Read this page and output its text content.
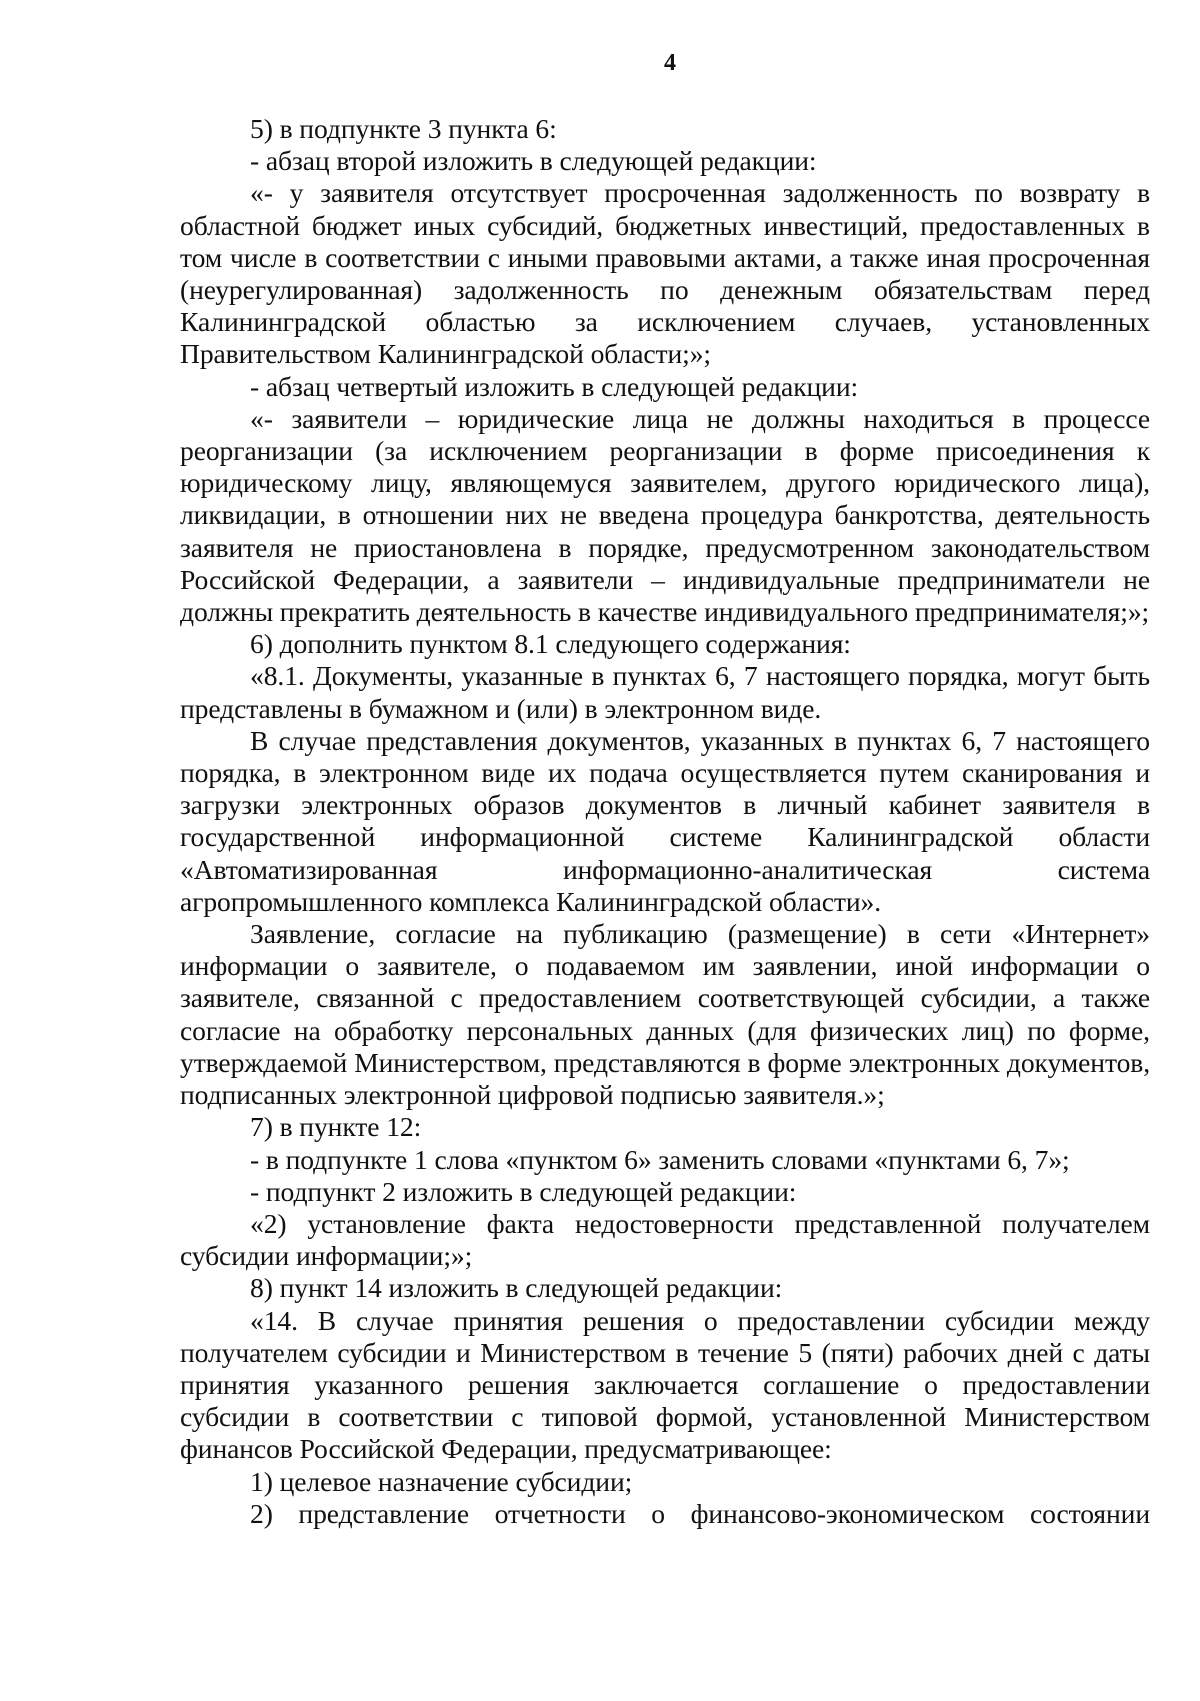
4

5) в подпункте 3 пункта 6:

- абзац второй изложить в следующей редакции:

«- у заявителя отсутствует просроченная задолженность по возврату в областной бюджет иных субсидий, бюджетных инвестиций, предоставленных в том числе в соответствии с иными правовыми актами, а также иная просроченная (неурегулированная) задолженность по денежным обязательствам перед Калининградской областью за исключением случаев, установленных Правительством Калининградской области;»;

- абзац четвертый изложить в следующей редакции:

«- заявители – юридические лица не должны находиться в процессе реорганизации (за исключением реорганизации в форме присоединения к юридическому лицу, являющемуся заявителем, другого юридического лица), ликвидации, в отношении них не введена процедура банкротства, деятельность заявителя не приостановлена в порядке, предусмотренном законодательством Российской Федерации, а заявители – индивидуальные предприниматели не должны прекратить деятельность в качестве индивидуального предпринимателя;»;

6) дополнить пунктом 8.1 следующего содержания:

«8.1. Документы, указанные в пунктах 6, 7 настоящего порядка, могут быть представлены в бумажном и (или) в электронном виде.

В случае представления документов, указанных в пунктах 6, 7 настоящего порядка, в электронном виде их подача осуществляется путем сканирования и загрузки электронных образов документов в личный кабинет заявителя в государственной информационной системе Калининградской области «Автоматизированная информационно-аналитическая система агропромышленного комплекса Калининградской области».

Заявление, согласие на публикацию (размещение) в сети «Интернет» информации о заявителе, о подаваемом им заявлении, иной информации о заявителе, связанной с предоставлением соответствующей субсидии, а также согласие на обработку персональных данных (для физических лиц) по форме, утверждаемой Министерством, представляются в форме электронных документов, подписанных электронной цифровой подписью заявителя.»;

7) в пункте 12:

- в подпункте 1 слова «пунктом 6» заменить словами «пунктами 6, 7»;

- подпункт 2 изложить в следующей редакции:

«2) установление факта недостоверности представленной получателем субсидии информации;»;

8) пункт 14 изложить в следующей редакции:

«14. В случае принятия решения о предоставлении субсидии между получателем субсидии и Министерством в течение 5 (пяти) рабочих дней с даты принятия указанного решения заключается соглашение о предоставлении субсидии в соответствии с типовой формой, установленной Министерством финансов Российской Федерации, предусматривающее:

1) целевое назначение субсидии;

2) представление отчетности о финансово-экономическом состоянии
